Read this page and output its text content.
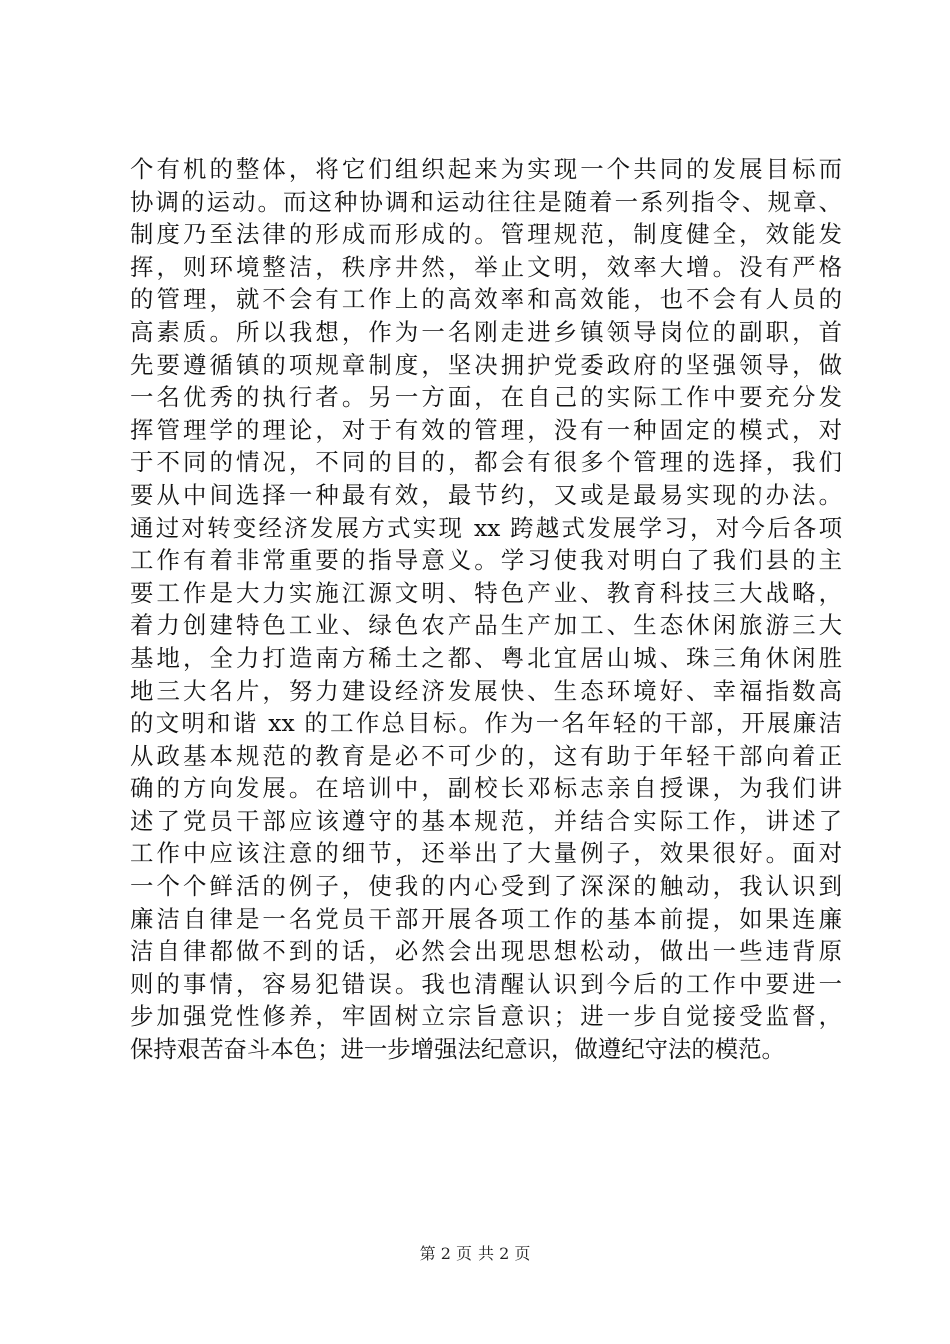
个有机的整体，将它们组织起来为实现一个共同的发展目标而
协调的运动。而这种协调和运动往往是随着一系列指令、规章、
制度乃至法律的形成而形成的。管理规范，制度健全，效能发
挥，则环境整洁，秩序井然，举止文明，效率大增。没有严格
的管理，就不会有工作上的高效率和高效能，也不会有人员的
高素质。所以我想，作为一名刚走进乡镇领导岗位的副职，首
先要遵循镇的项规章制度，坚决拥护党委政府的坚强领导，做
一名优秀的执行者。另一方面，在自己的实际工作中要充分发
挥管理学的理论，对于有效的管理，没有一种固定的模式，对
于不同的情况，不同的目的，都会有很多个管理的选择，我们
要从中间选择一种最有效，最节约，又或是最易实现的办法。
通过对转变经济发展方式实现 xx 跨越式发展学习，对今后各项
工作有着非常重要的指导意义。学习使我对明白了我们县的主
要工作是大力实施江源文明、特色产业、教育科技三大战略，
着力创建特色工业、绿色农产品生产加工、生态休闲旅游三大
基地，全力打造南方稀土之都、粤北宜居山城、珠三角休闲胜
地三大名片，努力建设经济发展快、生态环境好、幸福指数高
的文明和谐 xx 的工作总目标。作为一名年轻的干部，开展廉洁
从政基本规范的教育是必不可少的，这有助于年轻干部向着正
确的方向发展。在培训中，副校长邓标志亲自授课，为我们讲
述了党员干部应该遵守的基本规范，并结合实际工作，讲述了
工作中应该注意的细节，还举出了大量例子，效果很好。面对
一个个鲜活的例子，使我的内心受到了深深的触动，我认识到
廉洁自律是一名党员干部开展各项工作的基本前提，如果连廉
洁自律都做不到的话，必然会出现思想松动，做出一些违背原
则的事情，容易犯错误。我也清醒认识到今后的工作中要进一
步加强党性修养，牢固树立宗旨意识；进一步自觉接受监督，
保持艰苦奋斗本色；进一步增强法纪意识，做遵纪守法的模范。
第 2 页 共 2 页
